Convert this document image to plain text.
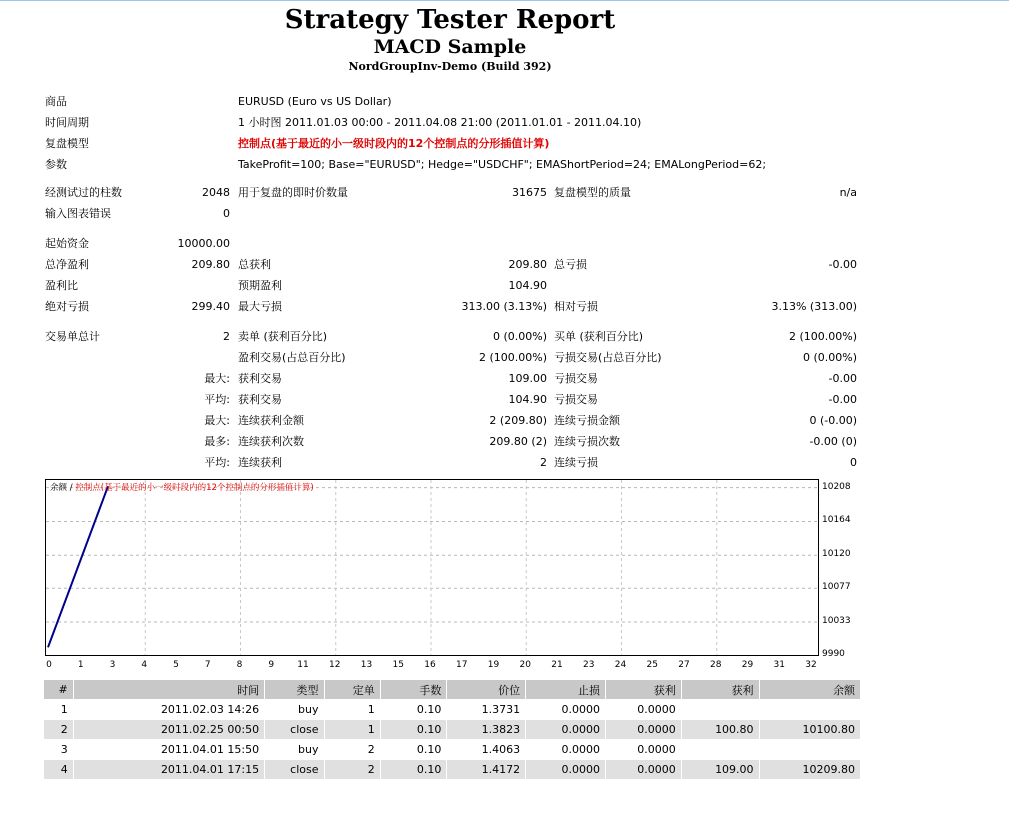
Strategy Tester Report
MACD Sample
NordGroupInv-Demo (Build 392)
商品	EURUSD (Euro vs US Dollar)
时间周期	1 小时图 2011.01.03 00:00 - 2011.04.08 21:00 (2011.01.01 - 2011.04.10)
复盘模型	控制点(基于最近的小一级时段内的12个控制点的分形插值计算)
参数	TakeProfit=100; Base="EURUSD"; Hedge="USDCHF"; EMAShortPeriod=24; EMALongPeriod=62;
经测试过的柱数	2048 用于复盘的即时价数量	31675 复盘模型的质量	n/a
输入图表错误	0
起始资金	10000.00
总净盈利	209.80 总获利	209.80 总亏损	-0.00
盈利比	预期盈利	104.90
绝对亏损	299.40 最大亏损	313.00 (3.13%) 相对亏损	3.13% (313.00)
交易单总计	2 卖单 (获利百分比)	0 (0.00%) 买单 (获利百分比)	2 (100.00%)
盈利交易(占总百分比)	2 (100.00%) 亏损交易(占总百分比)	0 (0.00%)
最大: 获利交易	109.00 亏损交易	-0.00
平均: 获利交易	104.90 亏损交易	-0.00
最大: 连续获利金额	2 (209.80) 连续亏损金额	0 (-0.00)
最多: 连续获利次数	209.80 (2) 连续亏损次数	-0.00 (0)
平均: 连续获利	2 连续亏损	0
余额 / 控制点(基于最近的小一级时段内的12个控制点的分形插值计算)	10208
10164
10120
10077
10033
9990
0	1	3	4	5	7	8	9	11	12	13	15	16	17	19	20	21	23	24	25	27	28	29	31	32
#	时间	类型	定单	手数	价位	止损	获利	获利	余额
1	2011.02.03 14:26	buy	1	0.10	1.3731	0.0000	0.0000		
2	2011.02.25 00:50	close	1	0.10	1.3823	0.0000	0.0000	100.80	10100.80
3	2011.04.01 15:50	buy	2	0.10	1.4063	0.0000	0.0000		
4	2011.04.01 17:15	close	2	0.10	1.4172	0.0000	0.0000	109.00	10209.80
